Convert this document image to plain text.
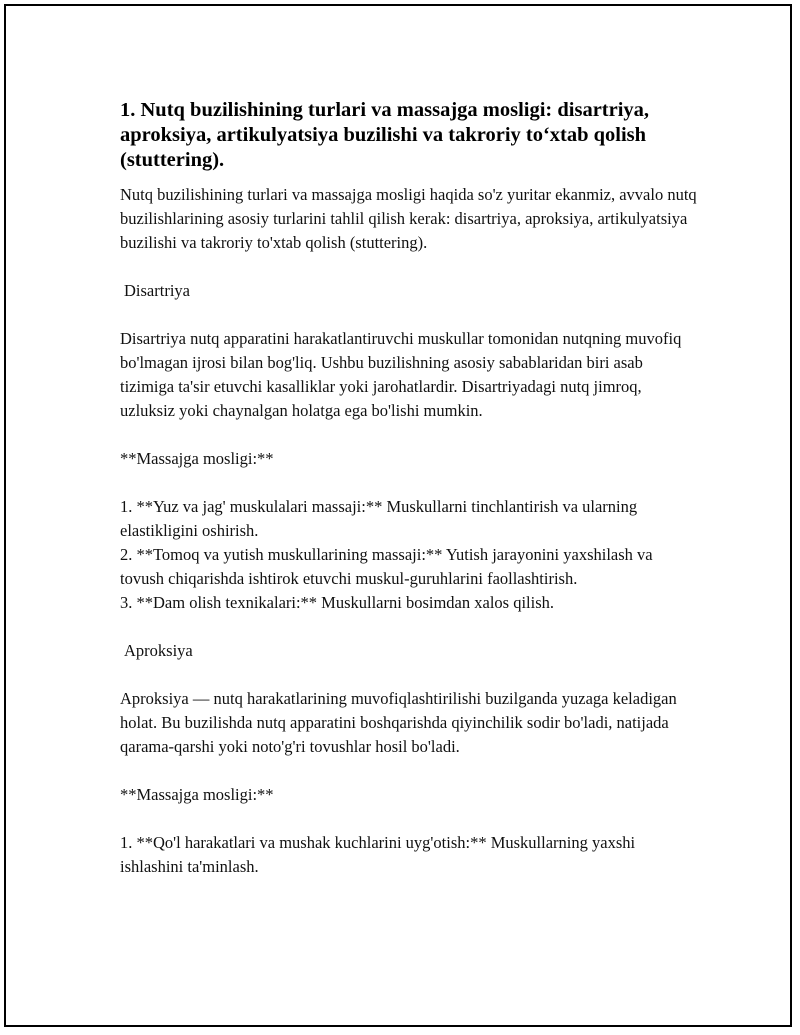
1. Nutq buzilishining turlari va massajga mosligi: disartriya, aproksiya, artikulyatsiya buzilishi va takroriy to‘xtab qolish (stuttering).

Nutq buzilishining turlari va massajga mosligi haqida so'z yuritar ekanmiz, avvalo nutq buzilishlarining asosiy turlarini tahlil qilish kerak: disartriya, aproksiya, artikulyatsiya buzilishi va takroriy to'xtab qolish (stuttering).

Disartriya

Disartriya nutq apparatini harakatlantiruvchi muskullar tomonidan nutqning muvofiq bo'lmagan ijrosi bilan bog'liq. Ushbu buzilishning asosiy sabablaridan biri asab tizimiga ta'sir etuvchi kasalliklar yoki jarohatlardir. Disartriyadagi nutq jimroq, uzluksiz yoki chaynalgan holatga ega bo'lishi mumkin.

**Massajga mosligi:**

1. **Yuz va jag' muskulalari massaji:** Muskullarni tinchlantirish va ularning elastikligini oshirish.
2. **Tomoq va yutish muskullarining massaji:** Yutish jarayonini yaxshilash va tovush chiqarishda ishtirok etuvchi muskul-guruhlarini faollashtirish.
3. **Dam olish texnikalari:** Muskullarni bosimdan xalos qilish.

Aproksiya

Aproksiya — nutq harakatlarining muvofiqlashtirilishi buzilganda yuzaga keladigan holat. Bu buzilishda nutq apparatini boshqarishda qiyinchilik sodir bo'ladi, natijada qarama-qarshi yoki noto'g'ri tovushlar hosil bo'ladi.

**Massajga mosligi:**

1. **Qo'l harakatlari va mushak kuchlarini uyg'otish:** Muskullarning yaxshi ishlashini ta'minlash.
